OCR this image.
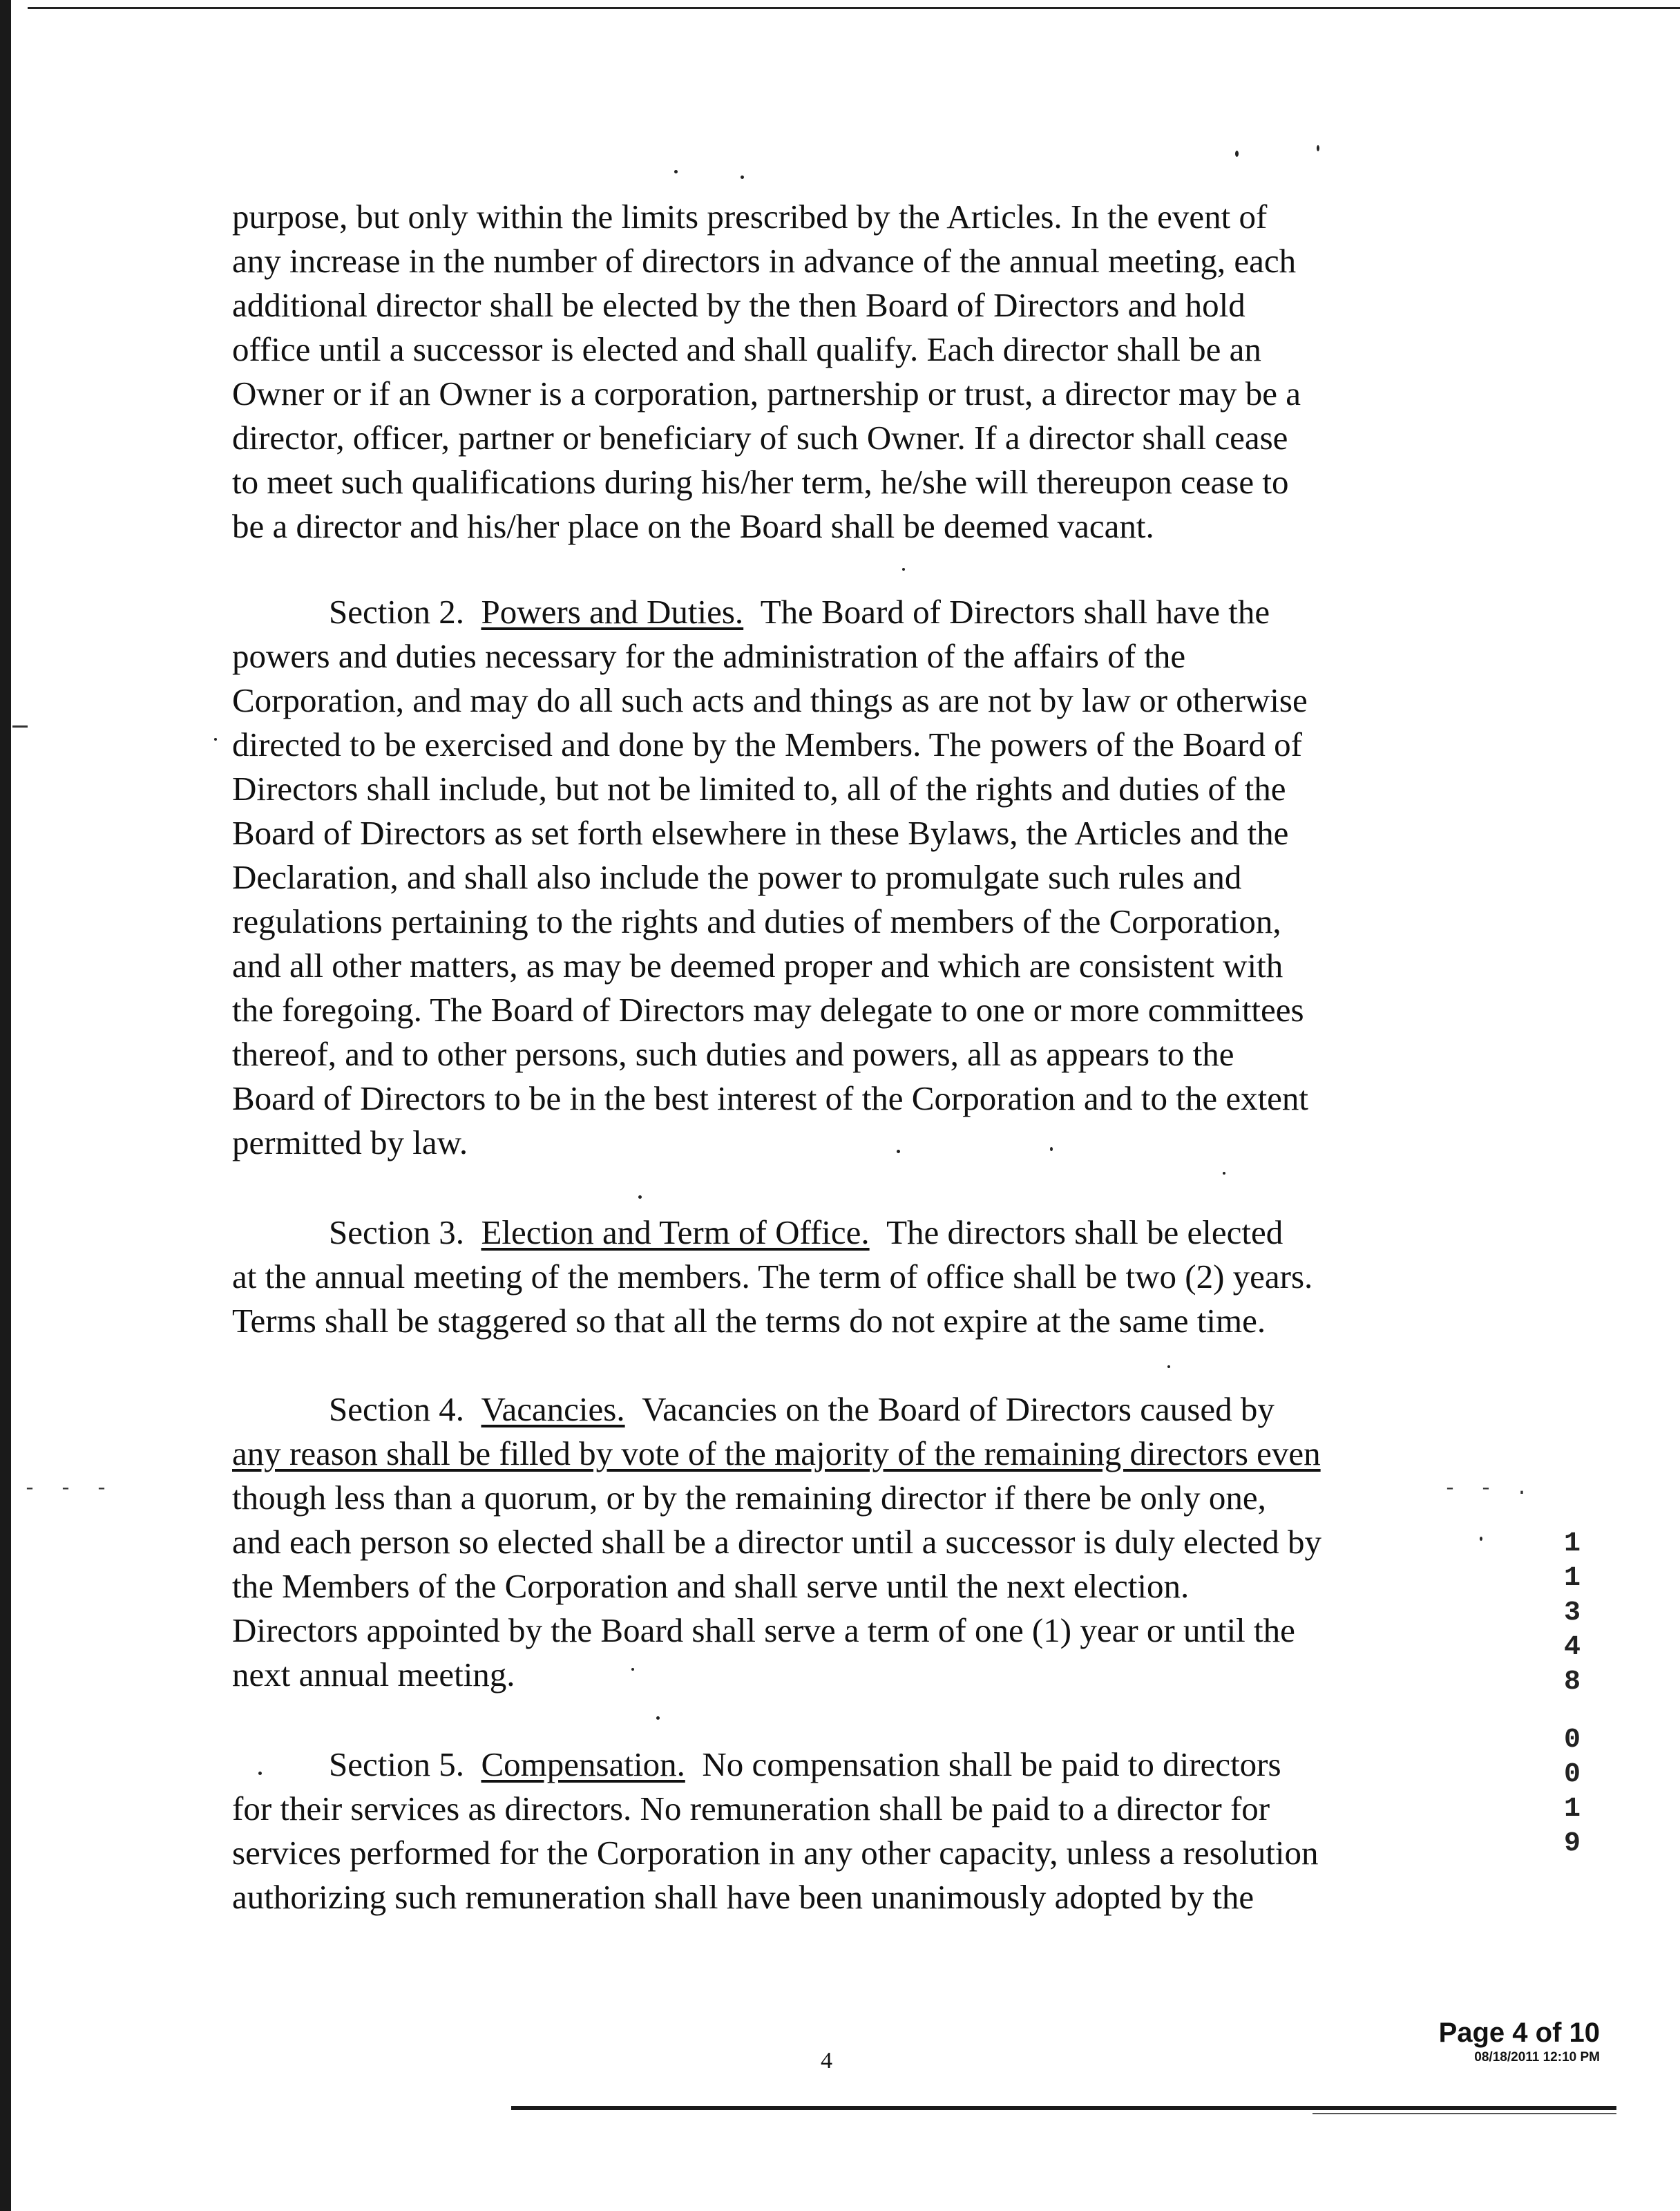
- - -	- - .
purpose, but only within the limits prescribed by the Articles. In the event of
any increase in the number of directors in advance of the annual meeting, each
additional director shall be elected by the then Board of Directors and hold
office until a successor is elected and shall qualify. Each director shall be an
Owner or if an Owner is a corporation, partnership or trust, a director may be a
director, officer, partner or beneficiary of such Owner. If a director shall cease
to meet such qualifications during his/her term, he/she will thereupon cease to
be a director and his/her place on the Board shall be deemed vacant.
Section 2. Powers and Duties. The Board of Directors shall have the
powers and duties necessary for the administration of the affairs of the
Corporation, and may do all such acts and things as are not by law or otherwise
directed to be exercised and done by the Members. The powers of the Board of
Directors shall include, but not be limited to, all of the rights and duties of the
Board of Directors as set forth elsewhere in these Bylaws, the Articles and the
Declaration, and shall also include the power to promulgate such rules and
regulations pertaining to the rights and duties of members of the Corporation,
and all other matters, as may be deemed proper and which are consistent with
the foregoing. The Board of Directors may delegate to one or more committees
thereof, and to other persons, such duties and powers, all as appears to the
Board of Directors to be in the best interest of the Corporation and to the extent
permitted by law.
Section 3. Election and Term of Office. The directors shall be elected
at the annual meeting of the members. The term of office shall be two (2) years.
Terms shall be staggered so that all the terms do not expire at the same time.
Section 4. Vacancies. Vacancies on the Board of Directors caused by
any reason shall be filled by vote of the majority of the remaining directors even
though less than a quorum, or by the remaining director if there be only one,
and each person so elected shall be a director until a successor is duly elected by
the Members of the Corporation and shall serve until the next election.
Directors appointed by the Board shall serve a term of one (1) year or until the
next annual meeting.
Section 5. Compensation. No compensation shall be paid to directors
for their services as directors. No remuneration shall be paid to a director for
services performed for the Corporation in any other capacity, unless a resolution
authorizing such remuneration shall have been unanimously adopted by the
1
1
3
4
8
0
0
1
9
Page 4 of 10
08/18/2011 12:10 PM
4
